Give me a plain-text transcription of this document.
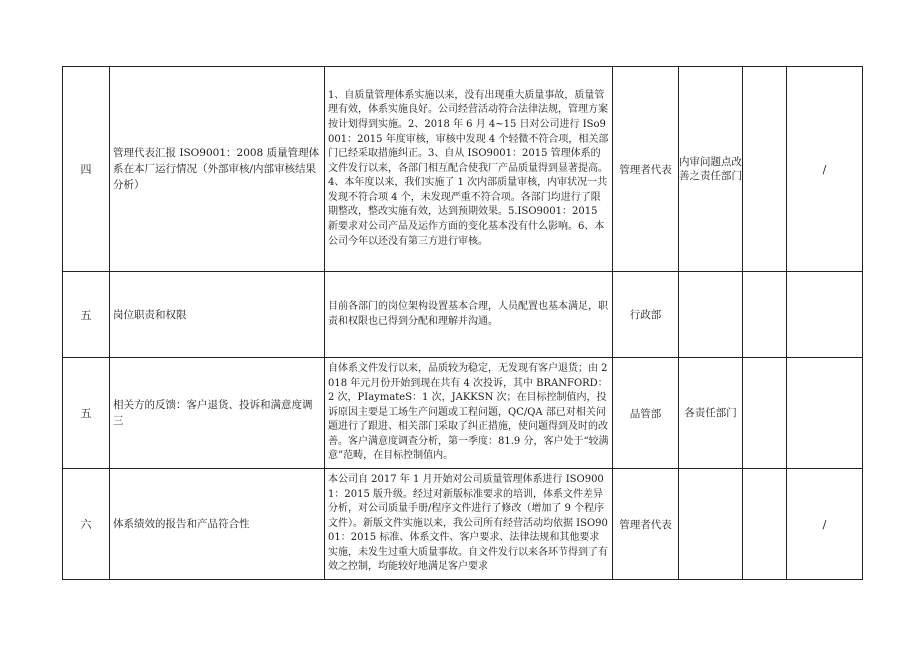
四	管理代表汇报 ISO9001：2008 质量管理体系在本厂运行情况（外部审核/内部审核结果分析）	1、自质量管理体系实施以来，没有出现重大质量事故，质量管理有效，体系实施良好。公司经营活动符合法律法规，管理方案按计划得到实施。2、2018 年 6 月 4~15 日对公司进行 ISo9001：2015 年度审核，审核中发现 4 个轻微不符合项，相关部门已经采取措施纠正。3、自从 ISO9001：2015 管理体系的文件发行以来，各部门相互配合使我厂产品质量得到显著提高。4、本年度以来，我们实施了 1 次内部质量审核，内审状况一共发现不符合项 4 个，未发现严重不符合项。各部门均进行了限期整改，整改实施有效，达到预期效果。5.ISO9001：2015 新要求对公司产品及运作方面的变化基本没有什么影响。6、本公司今年以还没有第三方进行审核。	管理者代表	内审问题点改善之责任部门		/
五	岗位职责和权限	目前各部门的岗位架构设置基本合理，人员配置也基本满足，职责和权限也已得到分配和理解并沟通。	行政部			
五	相关方的反馈：客户退货、投诉和满意度调三	自体系文件发行以来，品质较为稳定，无发现有客户退货；由 2018 年元月份开始到现在共有 4 次投诉，其中 BRANFORD：2 次，PIaymateS：1 次，JAKKSN 次；在目标控制值内，投诉原因主要是工场生产问题或工程问题，QC/QA 部已对相关问题进行了跟进、相关部门采取了纠正措施，使问题得到及时的改善。客户满意度调查分析，第一季度：81.9 分，客户处于“较满意”范畴，在目标控制值内。	品管部	各责任部门		
六	体系绩效的报告和产品符合性	本公司自 2017 年 1 月开始对公司质量管理体系进行 ISO9001：2015 版升级。经过对新版标准要求的培训，体系文件差异分析，对公司质量手册/程序文件进行了修改（增加了 9 个程序文件）。新版文件实施以来，我公司所有经营活动均依据 ISO9001：2015 标准、体系文件、客户要求、法律法规和其他要求实施，未发生过重大质量事故。自文件发行以来各环节得到了有效之控制，均能较好地满足客户要求	管理者代表			/
